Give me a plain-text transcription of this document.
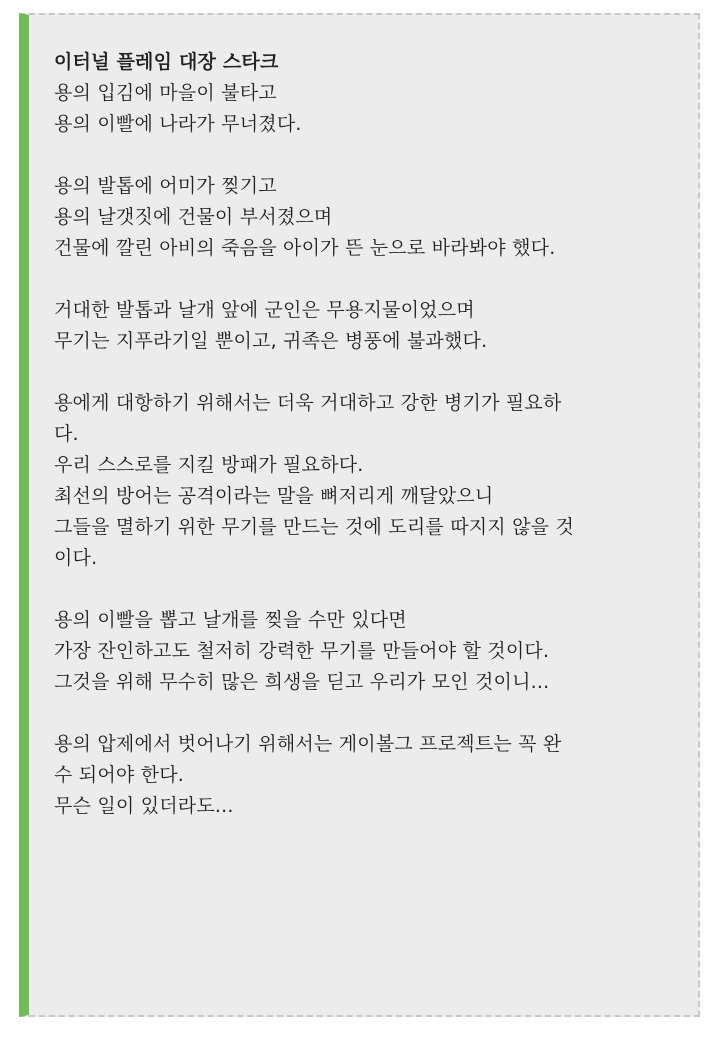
이터널 플레임 대장 스타크

용의 입김에 마을이 불타고

용의 이빨에 나라가 무너졌다.

용의 발톱에 어미가 찢기고

용의 날갯짓에 건물이 부서졌으며

건물에 깔린 아비의 죽음을 아이가 뜬 눈으로 바라봐야 했다.

거대한 발톱과 날개 앞에 군인은 무용지물이었으며

무기는 지푸라기일 뿐이고, 귀족은 병풍에 불과했다.

용에게 대항하기 위해서는 더욱 거대하고 강한 병기가 필요하
다.

우리 스스로를 지킬 방패가 필요하다.

최선의 방어는 공격이라는 말을 뼈저리게 깨달았으니

그들을 멸하기 위한 무기를 만드는 것에 도리를 따지지 않을 것
이다.

용의 이빨을 뽑고 날개를 찢을 수만 있다면

가장 잔인하고도 철저히 강력한 무기를 만들어야 할 것이다.

그것을 위해 무수히 많은 희생을 딛고 우리가 모인 것이니...

용의 압제에서 벗어나기 위해서는 게이볼그 프로젝트는 꼭 완
수 되어야 한다.

무슨 일이 있더라도...
